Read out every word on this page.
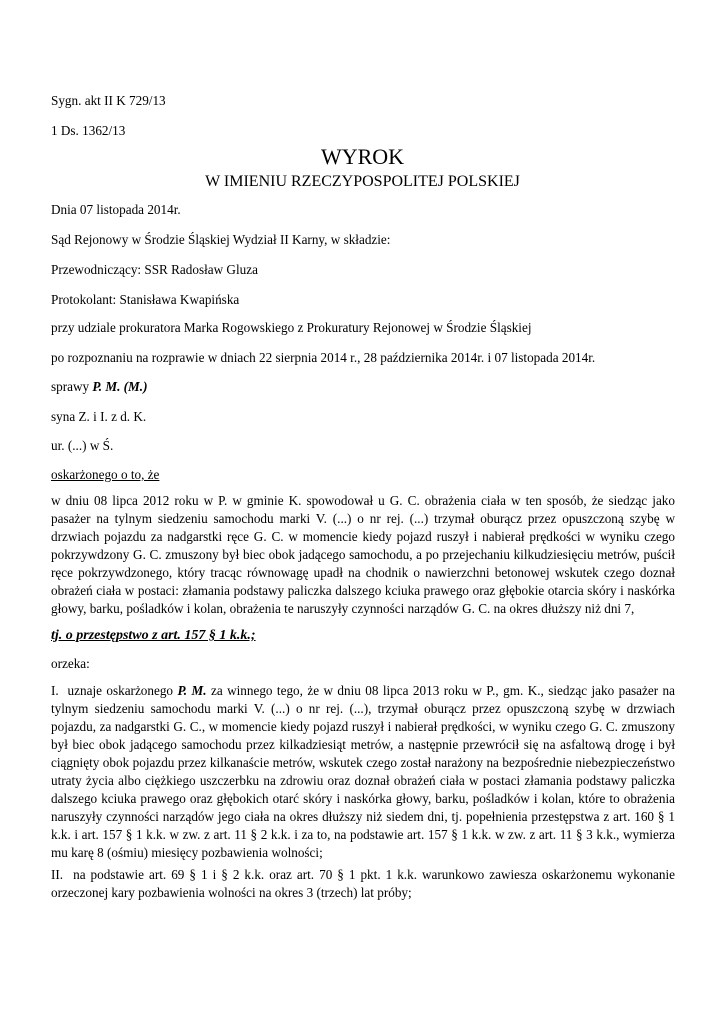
Sygn. akt II K 729/13
1 Ds. 1362/13
WYROK
W IMIENIU RZECZYPOSPOLITEJ POLSKIEJ
Dnia 07 listopada 2014r.
Sąd Rejonowy w Środzie Śląskiej Wydział II Karny, w składzie:
Przewodniczący: SSR Radosław Gluza
Protokolant: Stanisława Kwapińska
przy udziale prokuratora Marka Rogowskiego z Prokuratury Rejonowej w Środzie Śląskiej
po rozpoznaniu na rozprawie w dniach 22 sierpnia 2014 r., 28 października 2014r. i 07 listopada 2014r.
sprawy P. M. (M.)
syna Z. i I. z d. K.
ur. (...) w Ś.
oskarżonego o to, że
w dniu 08 lipca 2012 roku w P. w gminie K. spowodował u G. C. obrażenia ciała w ten sposób, że siedząc jako pasażer na tylnym siedzeniu samochodu marki V. (...) o nr rej. (...) trzymał oburącz przez opuszczoną szybę w drzwiach pojazdu za nadgarstki ręce G. C. w momencie kiedy pojazd ruszył i nabierał prędkości w wyniku czego pokrzywdzony G. C. zmuszony był biec obok jadącego samochodu, a po przejechaniu kilkudziesięciu metrów, puścił ręce pokrzywdzonego, który tracąc równowagę upadł na chodnik o nawierzchni betonowej wskutek czego doznał obrażeń ciała w postaci: złamania podstawy paliczka dalszego kciuka prawego oraz głębokie otarcia skóry i naskórka głowy, barku, pośladków i kolan, obrażenia te naruszyły czynności narządów G. C. na okres dłuższy niż dni 7,
tj. o przestępstwo z art. 157 § 1 k.k.;
orzeka:
I. uznaje oskarżonego P. M. za winnego tego, że w dniu 08 lipca 2013 roku w P., gm. K., siedząc jako pasażer na tylnym siedzeniu samochodu marki V. (...) o nr rej. (...), trzymał oburącz przez opuszczoną szybę w drzwiach pojazdu, za nadgarstki G. C., w momencie kiedy pojazd ruszył i nabierał prędkości, w wyniku czego G. C. zmuszony był biec obok jadącego samochodu przez kilkadziesiąt metrów, a następnie przewrócił się na asfaltową drogę i był ciągnięty obok pojazdu przez kilkanaście metrów, wskutek czego został narażony na bezpośrednie niebezpieczeństwo utraty życia albo ciężkiego uszczerbku na zdrowiu oraz doznał obrażeń ciała w postaci złamania podstawy paliczka dalszego kciuka prawego oraz głębokich otarć skóry i naskórka głowy, barku, pośladków i kolan, które to obrażenia naruszyły czynności narządów jego ciała na okres dłuższy niż siedem dni, tj. popełnienia przestępstwa z art. 160 § 1 k.k. i art. 157 § 1 k.k. w zw. z art. 11 § 2 k.k. i za to, na podstawie art. 157 § 1 k.k. w zw. z art. 11 § 3 k.k., wymierza mu karę 8 (ośmiu) miesięcy pozbawienia wolności;
II. na podstawie art. 69 § 1 i § 2 k.k. oraz art. 70 § 1 pkt. 1 k.k. warunkowo zawiesza oskarżonemu wykonanie orzeczonej kary pozbawienia wolności na okres 3 (trzech) lat próby;
